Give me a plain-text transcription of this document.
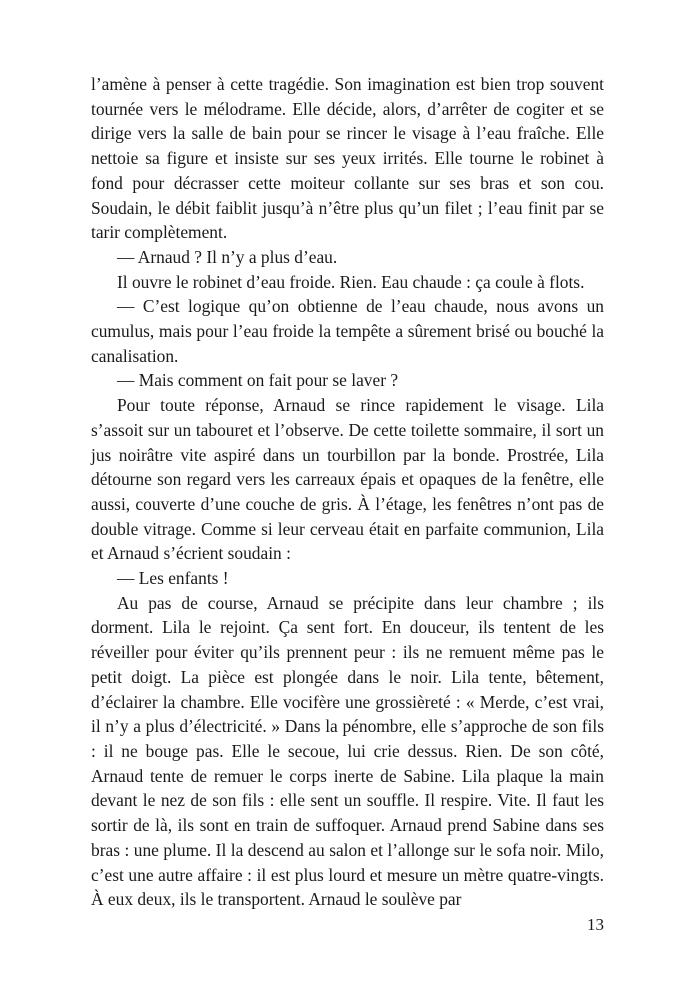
l’amène à penser à cette tragédie. Son imagination est bien trop souvent tournée vers le mélodrame. Elle décide, alors, d’arrêter de cogiter et se dirige vers la salle de bain pour se rincer le visage à l’eau fraîche. Elle nettoie sa figure et insiste sur ses yeux irrités. Elle tourne le robinet à fond pour décrasser cette moiteur collante sur ses bras et son cou. Soudain, le débit faiblit jusqu’à n’être plus qu’un filet ; l’eau finit par se tarir complètement.

— Arnaud ? Il n’y a plus d’eau.

Il ouvre le robinet d’eau froide. Rien. Eau chaude : ça coule à flots.

— C’est logique qu’on obtienne de l’eau chaude, nous avons un cumulus, mais pour l’eau froide la tempête a sûrement brisé ou bouché la canalisation.

— Mais comment on fait pour se laver ?

Pour toute réponse, Arnaud se rince rapidement le visage. Lila s’assoit sur un tabouret et l’observe. De cette toilette sommaire, il sort un jus noirâtre vite aspiré dans un tourbillon par la bonde. Prostrée, Lila détourne son regard vers les carreaux épais et opaques de la fenêtre, elle aussi, couverte d’une couche de gris. À l’étage, les fenêtres n’ont pas de double vitrage. Comme si leur cerveau était en parfaite communion, Lila et Arnaud s’écrient soudain :

— Les enfants !

Au pas de course, Arnaud se précipite dans leur chambre ; ils dorment. Lila le rejoint. Ça sent fort. En douceur, ils tentent de les réveiller pour éviter qu’ils prennent peur : ils ne remuent même pas le petit doigt. La pièce est plongée dans le noir. Lila tente, bêtement, d’éclairer la chambre. Elle vocifère une grossièreté : « Merde, c’est vrai, il n’y a plus d’électricité. » Dans la pénombre, elle s’approche de son fils : il ne bouge pas. Elle le secoue, lui crie dessus. Rien. De son côté, Arnaud tente de remuer le corps inerte de Sabine. Lila plaque la main devant le nez de son fils : elle sent un souffle. Il respire. Vite. Il faut les sortir de là, ils sont en train de suffoquer. Arnaud prend Sabine dans ses bras : une plume. Il la descend au salon et l’allonge sur le sofa noir. Milo, c’est une autre affaire : il est plus lourd et mesure un mètre quatre-vingts. À eux deux, ils le transportent. Arnaud le soulève par

13
